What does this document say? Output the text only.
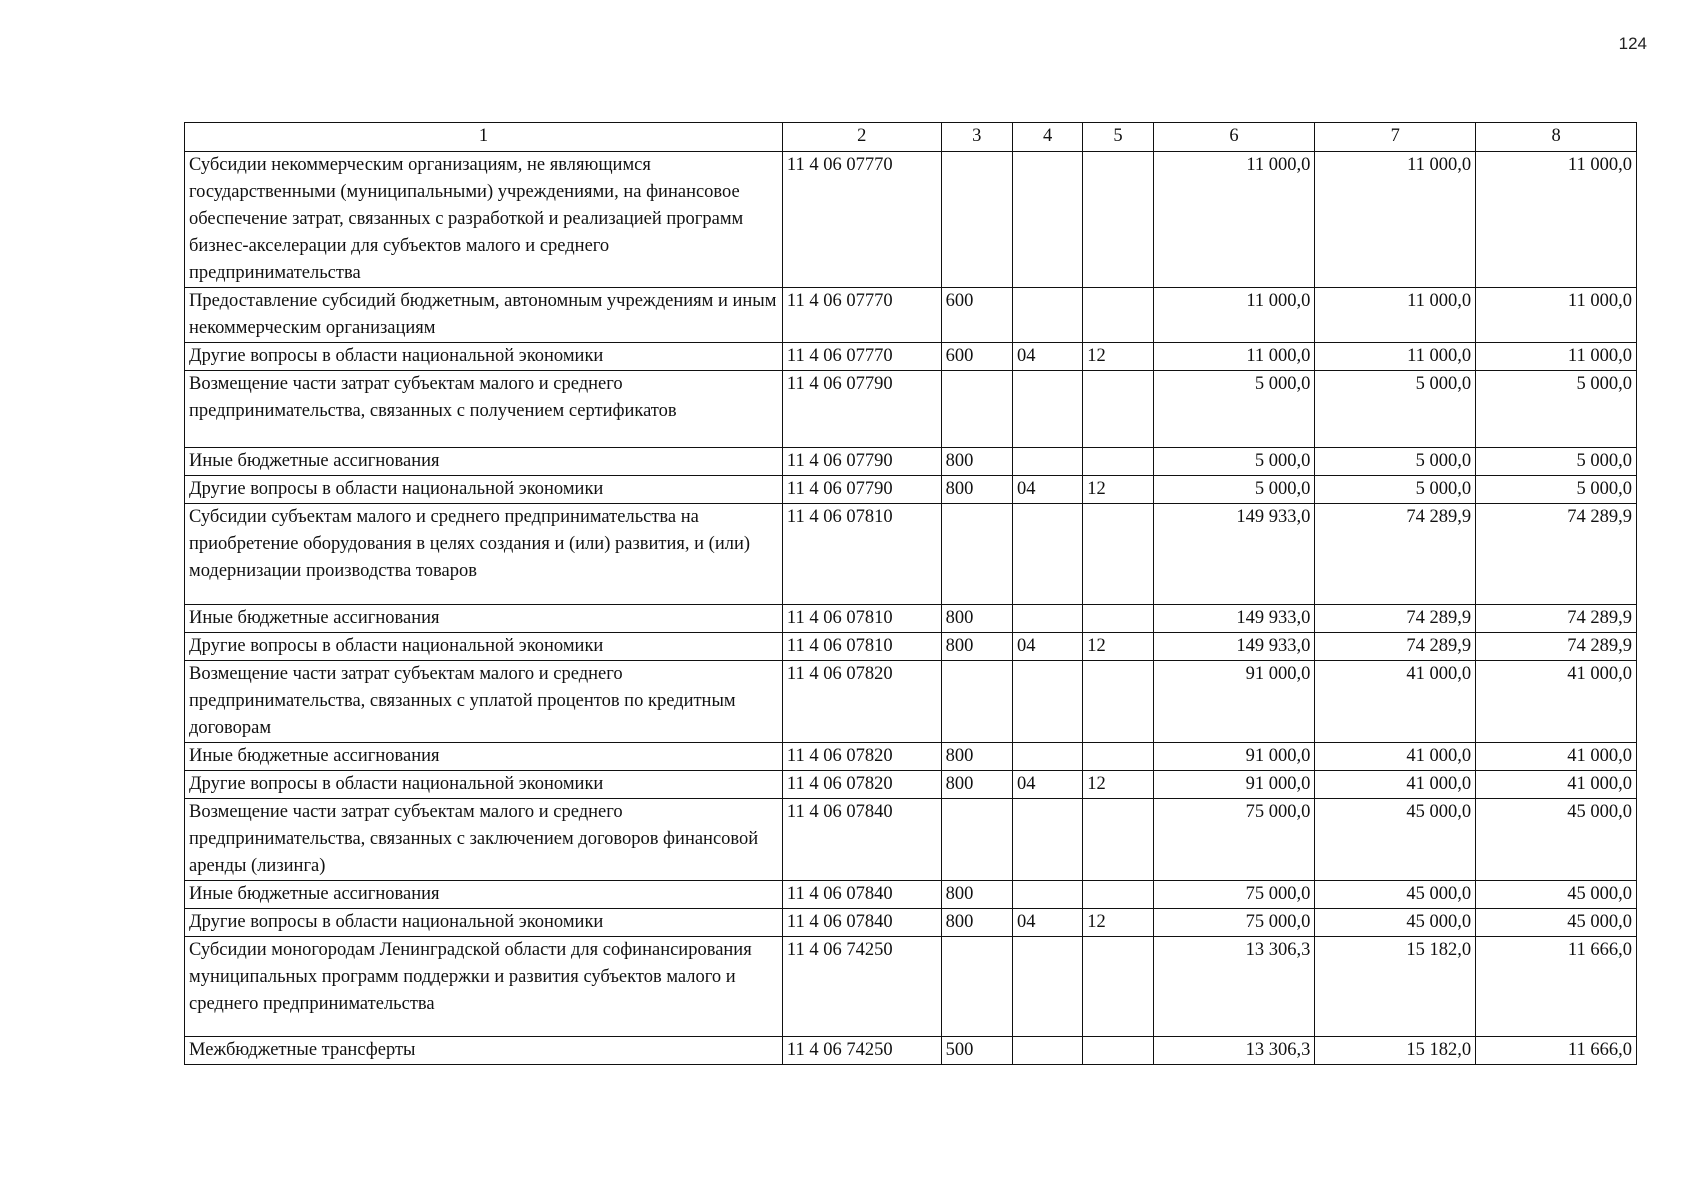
124
1	2	3	4	5	6	7	8
Субсидии некоммерческим организациям, не являющимся государственными (муниципальными) учреждениями, на финансовое обеспечение затрат, связанных с разработкой и реализацией программ бизнес-акселерации для субъектов малого и среднего предпринимательства	11 4 06 07770				11 000,0	11 000,0	11 000,0
Предоставление субсидий бюджетным, автономным учреждениям и иным некоммерческим организациям	11 4 06 07770	600			11 000,0	11 000,0	11 000,0
Другие вопросы в области национальной экономики	11 4 06 07770	600	04	12	11 000,0	11 000,0	11 000,0
Возмещение части затрат субъектам малого и среднего предпринимательства, связанных с получением сертификатов	11 4 06 07790				5 000,0	5 000,0	5 000,0
Иные бюджетные ассигнования	11 4 06 07790	800			5 000,0	5 000,0	5 000,0
Другие вопросы в области национальной экономики	11 4 06 07790	800	04	12	5 000,0	5 000,0	5 000,0
Субсидии субъектам малого и среднего предпринимательства на приобретение оборудования в целях создания и (или) развития, и (или) модернизации производства товаров	11 4 06 07810				149 933,0	74 289,9	74 289,9
Иные бюджетные ассигнования	11 4 06 07810	800			149 933,0	74 289,9	74 289,9
Другие вопросы в области национальной экономики	11 4 06 07810	800	04	12	149 933,0	74 289,9	74 289,9
Возмещение части затрат субъектам малого и среднего предпринимательства, связанных с уплатой процентов по кредитным договорам	11 4 06 07820				91 000,0	41 000,0	41 000,0
Иные бюджетные ассигнования	11 4 06 07820	800			91 000,0	41 000,0	41 000,0
Другие вопросы в области национальной экономики	11 4 06 07820	800	04	12	91 000,0	41 000,0	41 000,0
Возмещение части затрат субъектам малого и среднего предпринимательства, связанных с заключением договоров финансовой аренды (лизинга)	11 4 06 07840				75 000,0	45 000,0	45 000,0
Иные бюджетные ассигнования	11 4 06 07840	800			75 000,0	45 000,0	45 000,0
Другие вопросы в области национальной экономики	11 4 06 07840	800	04	12	75 000,0	45 000,0	45 000,0
Субсидии моногородам Ленинградской области для софинансирования муниципальных программ поддержки и развития субъектов малого и среднего предпринимательства	11 4 06 74250				13 306,3	15 182,0	11 666,0
Межбюджетные трансферты	11 4 06 74250	500			13 306,3	15 182,0	11 666,0
